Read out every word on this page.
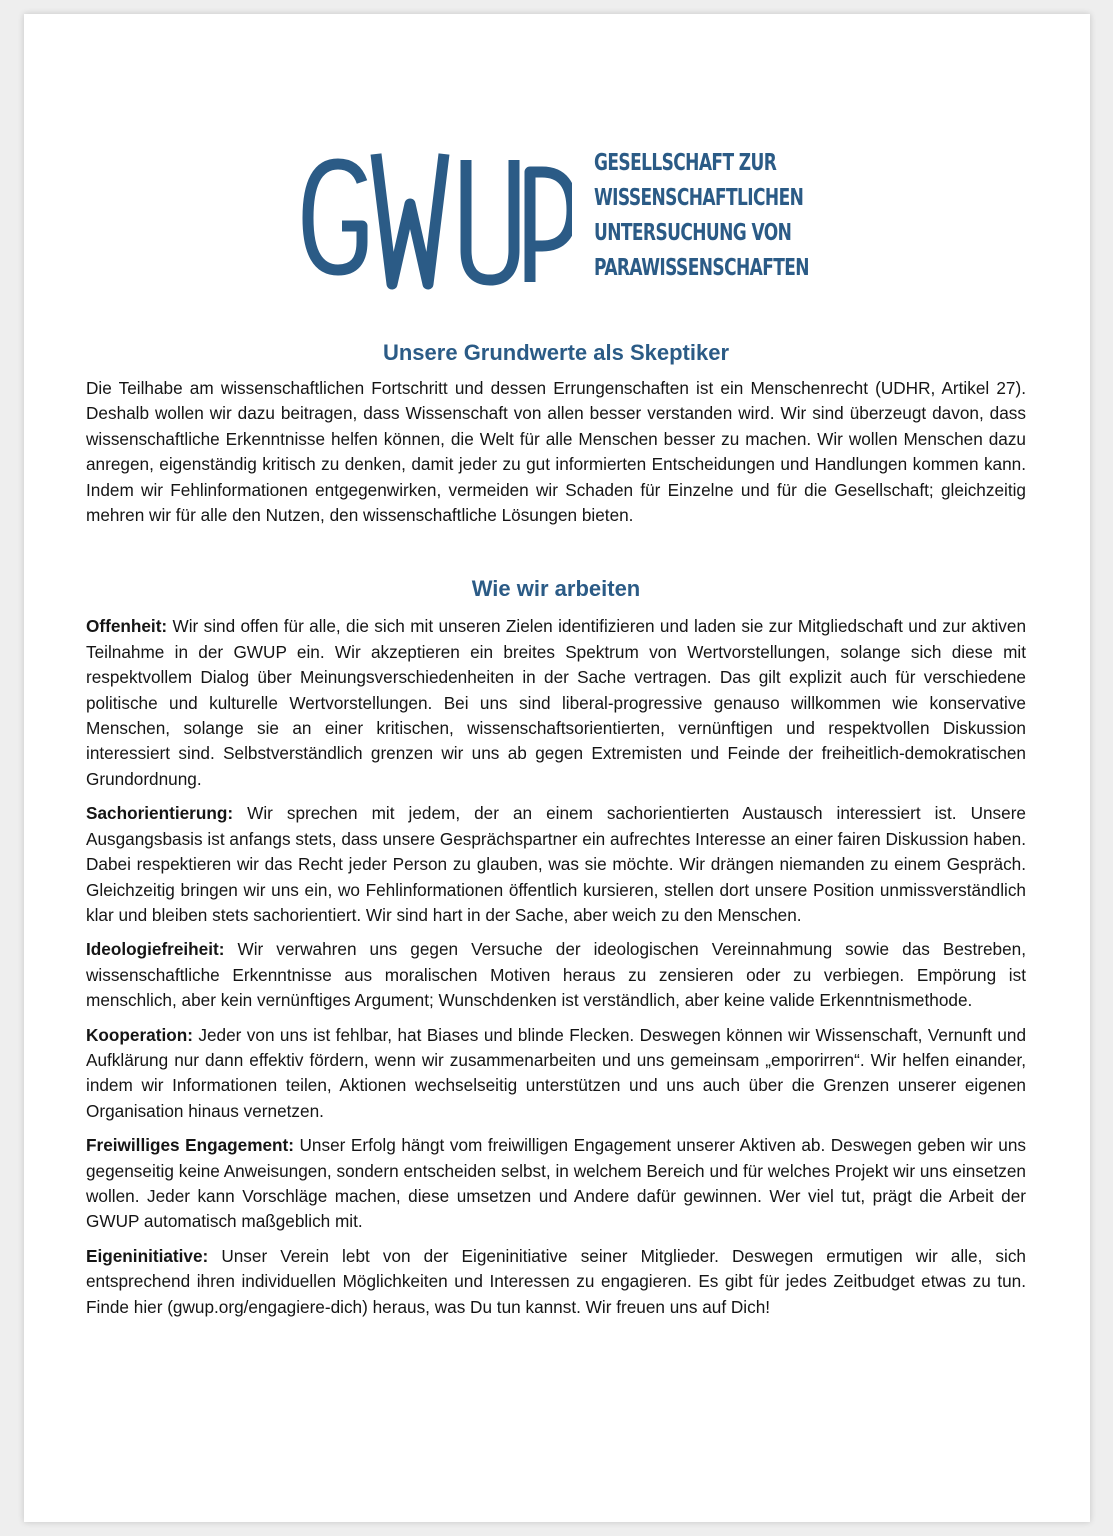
GESELLSCHAFT ZUR
WISSENSCHAFTLICHEN
UNTERSUCHUNG VON
PARAWISSENSCHAFTEN
Unsere Grundwerte als Skeptiker

Die Teilhabe am wissenschaftlichen Fortschritt und dessen Errungenschaften ist ein Menschenrecht (UDHR, Artikel 27). Deshalb wollen wir dazu beitragen, dass Wissenschaft von allen besser verstanden wird. Wir sind überzeugt davon, dass wissenschaftliche Erkenntnisse helfen können, die Welt für alle Menschen besser zu machen. Wir wollen Menschen dazu anregen, eigenständig kritisch zu denken, damit jeder zu gut informierten Entscheidungen und Handlungen kommen kann. Indem wir Fehlinformationen entgegenwirken, vermeiden wir Schaden für Einzelne und für die Gesellschaft; gleichzeitig mehren wir für alle den Nutzen, den wissenschaftliche Lösungen bieten.

Wie wir arbeiten

Offenheit: Wir sind offen für alle, die sich mit unseren Zielen identifizieren und laden sie zur Mitgliedschaft und zur aktiven Teilnahme in der GWUP ein. Wir akzeptieren ein breites Spektrum von Wertvorstellungen, solange sich diese mit respektvollem Dialog über Meinungsverschiedenheiten in der Sache vertragen. Das gilt explizit auch für verschiedene politische und kulturelle Wertvorstellungen. Bei uns sind liberal-progressive genauso willkommen wie konservative Menschen, solange sie an einer kritischen, wissenschaftsorientierten, vernünftigen und respektvollen Diskussion interessiert sind. Selbstverständlich grenzen wir uns ab gegen Extremisten und Feinde der freiheitlich-demokratischen Grundordnung.

Sachorientierung: Wir sprechen mit jedem, der an einem sachorientierten Austausch interessiert ist. Unsere Ausgangsbasis ist anfangs stets, dass unsere Gesprächspartner ein aufrechtes Interesse an einer fairen Diskussion haben. Dabei respektieren wir das Recht jeder Person zu glauben, was sie möchte. Wir drängen niemanden zu einem Gespräch. Gleichzeitig bringen wir uns ein, wo Fehlinformationen öffentlich kursieren, stellen dort unsere Position unmissverständlich klar und bleiben stets sachorientiert. Wir sind hart in der Sache, aber weich zu den Menschen.

Ideologiefreiheit: Wir verwahren uns gegen Versuche der ideologischen Vereinnahmung sowie das Bestreben, wissenschaftliche Erkenntnisse aus moralischen Motiven heraus zu zensieren oder zu verbiegen. Empörung ist menschlich, aber kein vernünftiges Argument; Wunschdenken ist verständlich, aber keine valide Erkenntnismethode.

Kooperation: Jeder von uns ist fehlbar, hat Biases und blinde Flecken. Deswegen können wir Wissenschaft, Vernunft und Aufklärung nur dann effektiv fördern, wenn wir zusammenarbeiten und uns gemeinsam „emporirren“. Wir helfen einander, indem wir Informationen teilen, Aktionen wechselseitig unterstützen und uns auch über die Grenzen unserer eigenen Organisation hinaus vernetzen.

Freiwilliges Engagement: Unser Erfolg hängt vom freiwilligen Engagement unserer Aktiven ab. Deswegen geben wir uns gegenseitig keine Anweisungen, sondern entscheiden selbst, in welchem Bereich und für welches Projekt wir uns einsetzen wollen. Jeder kann Vorschläge machen, diese umsetzen und Andere dafür gewinnen. Wer viel tut, prägt die Arbeit der GWUP automatisch maßgeblich mit.

Eigeninitiative: Unser Verein lebt von der Eigeninitiative seiner Mitglieder. Deswegen ermutigen wir alle, sich entsprechend ihren individuellen Möglichkeiten und Interessen zu engagieren. Es gibt für jedes Zeitbudget etwas zu tun. Finde hier (gwup.org/engagiere-dich) heraus, was Du tun kannst. Wir freuen uns auf Dich!
